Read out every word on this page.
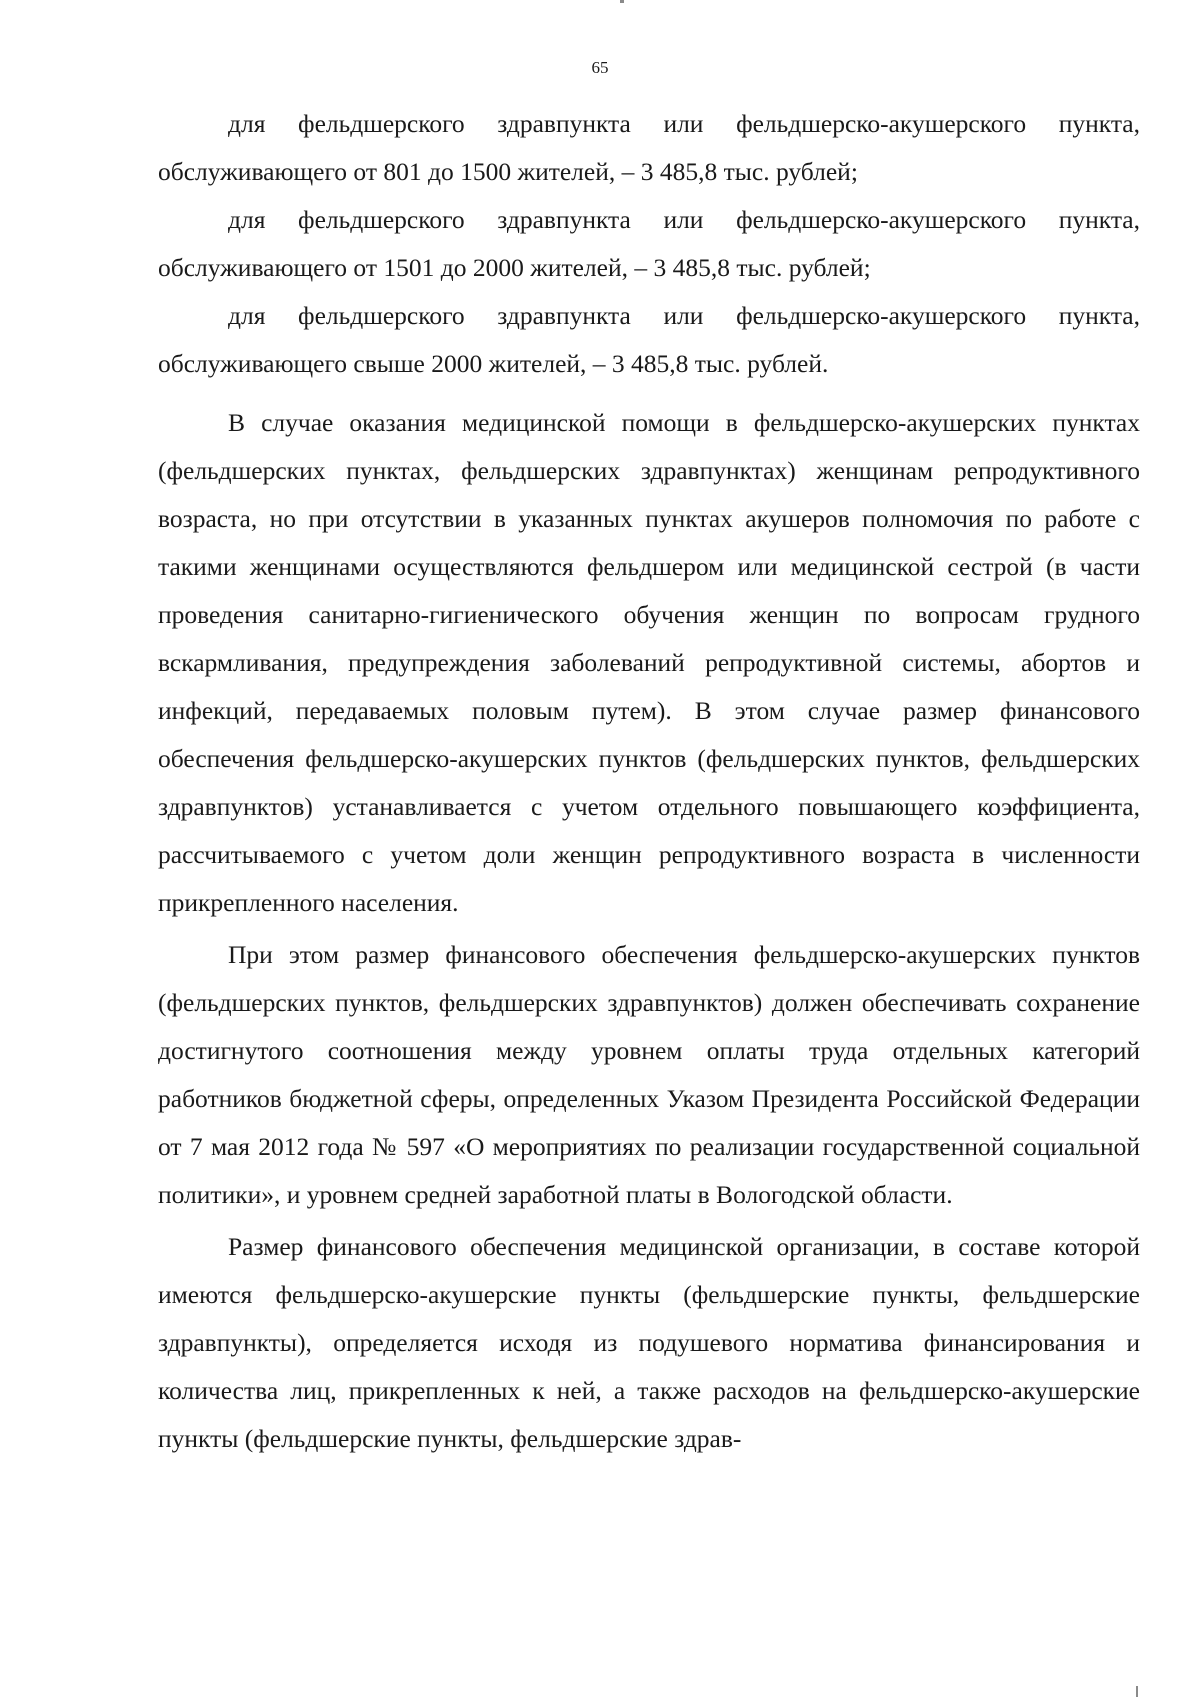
65

для фельдшерского здравпункта или фельдшерско-акушерского пункта, обслуживающего от 801 до 1500 жителей, – 3 485,8 тыс. рублей;

для фельдшерского здравпункта или фельдшерско-акушерского пункта, обслуживающего от 1501 до 2000 жителей, – 3 485,8 тыс. рублей;

для фельдшерского здравпункта или фельдшерско-акушерского пункта, обслуживающего свыше 2000 жителей, – 3 485,8 тыс. рублей.

В случае оказания медицинской помощи в фельдшерско-акушерских пунктах (фельдшерских пунктах, фельдшерских здравпунктах) женщинам репродуктивного возраста, но при отсутствии в указанных пунктах акушеров полномочия по работе с такими женщинами осуществляются фельдшером или медицинской сестрой (в части проведения санитарно-гигиенического обучения женщин по вопросам грудного вскармливания, предупреждения заболеваний репродуктивной системы, абортов и инфекций, передаваемых половым путем). В этом случае размер финансового обеспечения фельдшерско-акушерских пунктов (фельдшерских пунктов, фельдшерских здравпунктов) устанавливается с учетом отдельного повышающего коэффициента, рассчитываемого с учетом доли женщин репродуктивного возраста в численности прикрепленного населения.

При этом размер финансового обеспечения фельдшерско-акушерских пунктов (фельдшерских пунктов, фельдшерских здравпунктов) должен обеспечивать сохранение достигнутого соотношения между уровнем оплаты труда отдельных категорий работников бюджетной сферы, определенных Указом Президента Российской Федерации от 7 мая 2012 года № 597 «О мероприятиях по реализации государственной социальной политики», и уровнем средней заработной платы в Вологодской области.

Размер финансового обеспечения медицинской организации, в составе которой имеются фельдшерско-акушерские пункты (фельдшерские пункты, фельдшерские здравпункты), определяется исходя из подушевого норматива финансирования и количества лиц, прикрепленных к ней, а также расходов на фельдшерско-акушерские пункты (фельдшерские пункты, фельдшерские здрав-
